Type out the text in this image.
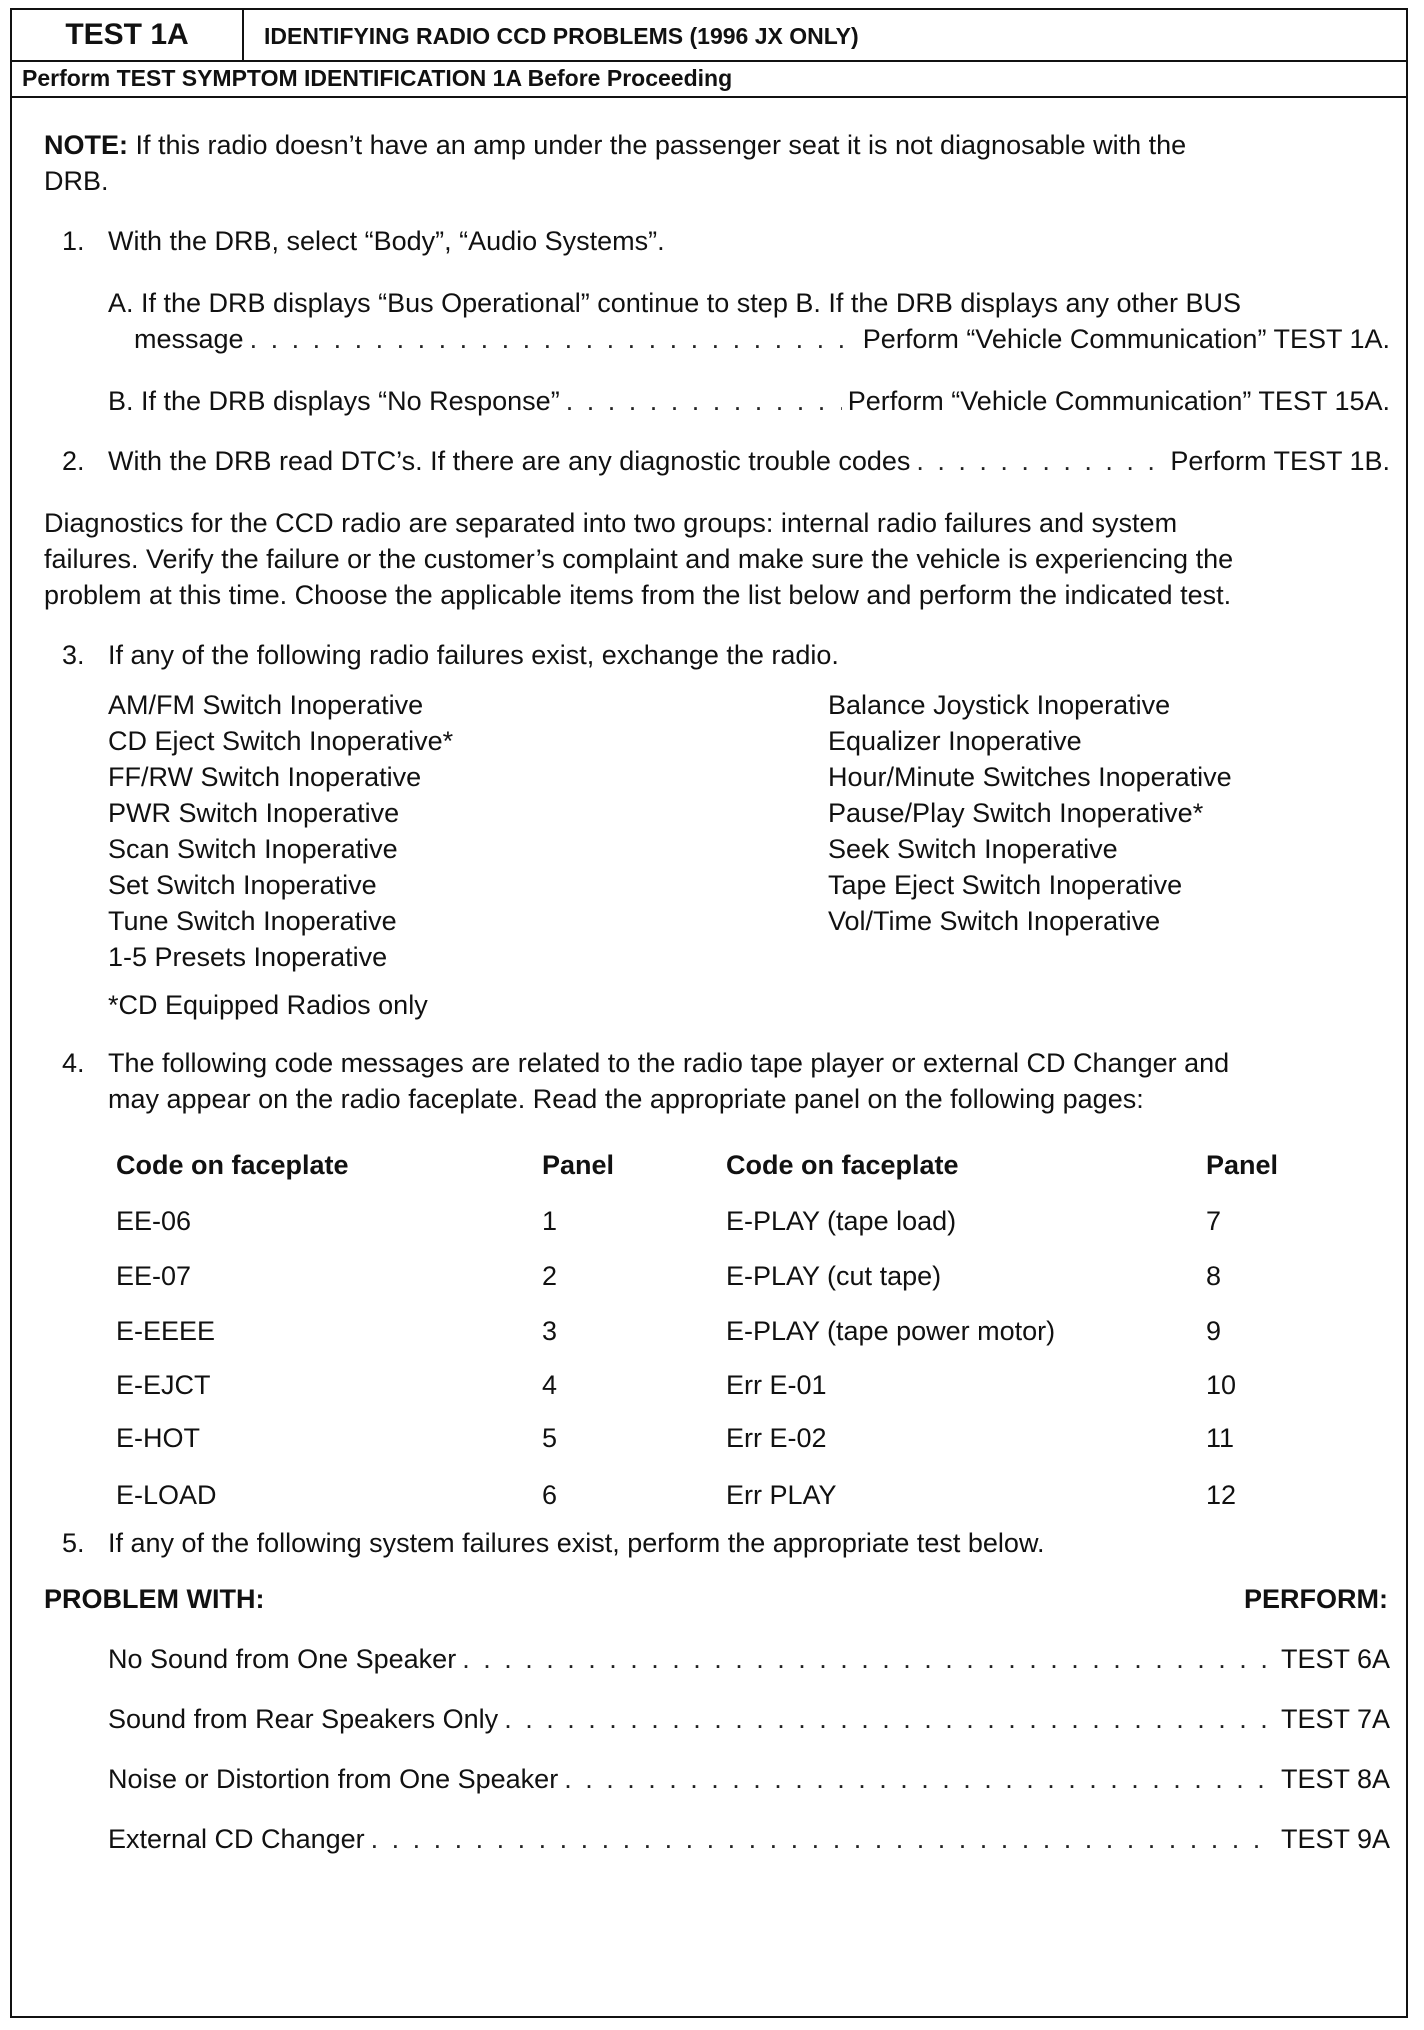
TEST 1A	IDENTIFYING RADIO CCD PROBLEMS (1996 JX ONLY)
Perform TEST SYMPTOM IDENTIFICATION 1A Before Proceeding
NOTE: If this radio doesn’t have an amp under the passenger seat it is not diagnosable with the
DRB.
1. With the DRB, select “Body”, “Audio Systems”.
A. If the DRB displays “Bus Operational” continue to step B. If the DRB displays any other BUS
message . . .	Perform “Vehicle Communication” TEST 1A.
B. If the DRB displays “No Response” . . .	Perform “Vehicle Communication” TEST 15A.
2. With the DRB read DTC’s. If there are any diagnostic trouble codes . . .	Perform TEST 1B.
Diagnostics for the CCD radio are separated into two groups: internal radio failures and system
failures. Verify the failure or the customer’s complaint and make sure the vehicle is experiencing the
problem at this time. Choose the applicable items from the list below and perform the indicated test.
3. If any of the following radio failures exist, exchange the radio.
AM/FM Switch Inoperative
CD Eject Switch Inoperative*
FF/RW Switch Inoperative
PWR Switch Inoperative
Scan Switch Inoperative
Set Switch Inoperative
Tune Switch Inoperative
1-5 Presets Inoperative
Balance Joystick Inoperative
Equalizer Inoperative
Hour/Minute Switches Inoperative
Pause/Play Switch Inoperative*
Seek Switch Inoperative
Tape Eject Switch Inoperative
Vol/Time Switch Inoperative
*CD Equipped Radios only
4. The following code messages are related to the radio tape player or external CD Changer and
may appear on the radio faceplate. Read the appropriate panel on the following pages:
Code on faceplate	Panel	Code on faceplate	Panel
EE-06	1	E-PLAY (tape load)	7
EE-07	2	E-PLAY (cut tape)	8
E-EEEE	3	E-PLAY (tape power motor)	9
E-EJCT	4	Err E-01	10
E-HOT	5	Err E-02	11
E-LOAD	6	Err PLAY	12
5. If any of the following system failures exist, perform the appropriate test below.
PROBLEM WITH:	PERFORM:
No Sound from One Speaker . . .	TEST 6A
Sound from Rear Speakers Only . . .	TEST 7A
Noise or Distortion from One Speaker . . .	TEST 8A
External CD Changer . . .	TEST 9A
